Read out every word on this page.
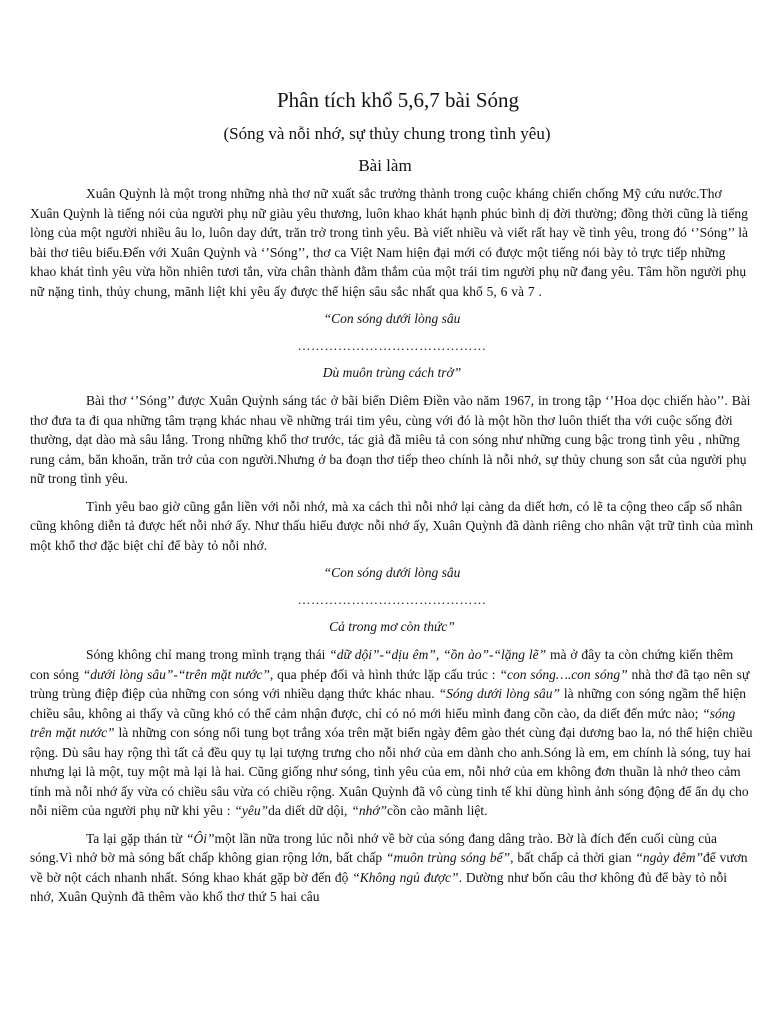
Phân tích khổ 5,6,7 bài Sóng
(Sóng và nỗi nhớ, sự thủy chung trong tình yêu)
Bài làm

Xuân Quỳnh là một trong những nhà thơ nữ xuất sắc trưởng thành trong cuộc kháng chiến chống Mỹ cứu nước.Thơ Xuân Quỳnh là tiếng nói của người phụ nữ giàu yêu thương, luôn khao khát hạnh phúc bình dị đời thường; đồng thời cũng là tiếng lòng của một người nhiều âu lo, luôn day dứt, trăn trở trong tình yêu. Bà viết nhiều và viết rất hay về tình yêu, trong đó ‘’Sóng’’ là bài thơ tiêu biểu.Đến với Xuân Quỳnh và ‘’Sóng’’, thơ ca Việt Nam hiện đại mới có được một tiếng nói bày tỏ trực tiếp những khao khát tình yêu vừa hồn nhiên tươi tắn, vừa chân thành đằm thắm của một trái tim người phụ nữ đang yêu. Tâm hồn người phụ nữ nặng tình, thủy chung, mãnh liệt khi yêu ấy được thể hiện sâu sắc nhất qua khổ 5, 6 và 7 .

“Con sóng dưới lòng sâu
……………………………………
Dù muôn trùng cách trở”

Bài thơ ‘’Sóng’’ được Xuân Quỳnh sáng tác ở bãi biển Diêm Điền vào năm 1967, in trong tập ‘’Hoa dọc chiến hào’’. Bài thơ đưa ta đi qua những tâm trạng khác nhau về những trái tim yêu, cùng với đó là một hồn thơ luôn thiết tha với cuộc sống đời thường, dạt dào mà sâu lắng. Trong những khổ thơ trước, tác giả đã miêu tả con sóng như những cung bậc trong tình yêu , những rung cảm, băn khoăn, trăn trở của con người.Nhưng ở ba đoạn thơ tiếp theo chính là nỗi nhớ, sự thủy chung son sắt của người phụ nữ trong tình yêu.

Tình yêu bao giờ cũng gắn liền với nỗi nhớ, mà xa cách thì nỗi nhớ lại càng da diết hơn, có lẽ ta cộng theo cấp số nhân cũng không diễn tả được hết nỗi nhớ ấy. Như thấu hiểu được nỗi nhớ ấy, Xuân Quỳnh đã dành riêng cho nhân vật trữ tình của mình một khổ thơ đặc biệt chỉ để bày tỏ nỗi nhớ.

“Con sóng dưới lòng sâu
……………………………………
Cả trong mơ còn thức”

Sóng không chỉ mang trong mình trạng thái “dữ dội”-“dịu êm”, “ồn ào”-“lặng lẽ” mà ở đây ta còn chứng kiến thêm con sóng “dưới lòng sâu”-“trên mặt nước”, qua phép đối và hình thức lặp cấu trúc : “con sóng….con sóng” nhà thơ đã tạo nên sự trùng trùng điệp điệp của những con sóng với nhiều dạng thức khác nhau. “Sóng dưới lòng sâu” là những con sóng ngầm thể hiện chiều sâu, không ai thấy và cũng khó có thể cảm nhận được, chỉ có nó mới hiểu mình đang cồn cào, da diết đến mức nào; “sóng trên mặt nước” là những con sóng nổi tung bọt trắng xóa trên mặt biển ngày đêm gào thét cùng đại dương bao la, nó thể hiện chiều rộng. Dù sâu hay rộng thì tất cả đều quy tụ lại tượng trưng cho nỗi nhớ của em dành cho anh.Sóng là em, em chính là sóng, tuy hai nhưng lại là một, tuy một mà lại là hai. Cũng giống như sóng, tình yêu của em, nỗi nhớ của em không đơn thuần là nhớ theo cảm tính mà nỗi nhớ ấy vừa có chiều sâu vừa có chiều rộng. Xuân Quỳnh đã vô cùng tinh tế khi dùng hình ảnh sóng động để ẩn dụ cho nỗi niềm của người phụ nữ khi yêu : “yêu”da diết dữ dội, “nhớ”cồn cào mãnh liệt.

Ta lại gặp thán từ “Ôi”một lần nữa trong lúc nỗi nhớ về bờ của sóng đang dâng trào. Bờ là đích đến cuối cùng của sóng.Vì nhớ bờ mà sóng bất chấp không gian rộng lớn, bất chấp “muôn trùng sóng bể”, bất chấp cả thời gian “ngày đêm”để vươn về bờ nột cách nhanh nhất. Sóng khao khát gặp bờ đến độ “Không ngủ được”. Dường như bốn câu thơ không đủ để bày tỏ nỗi nhớ, Xuân Quỳnh đã thêm vào khổ thơ thứ 5 hai câu
